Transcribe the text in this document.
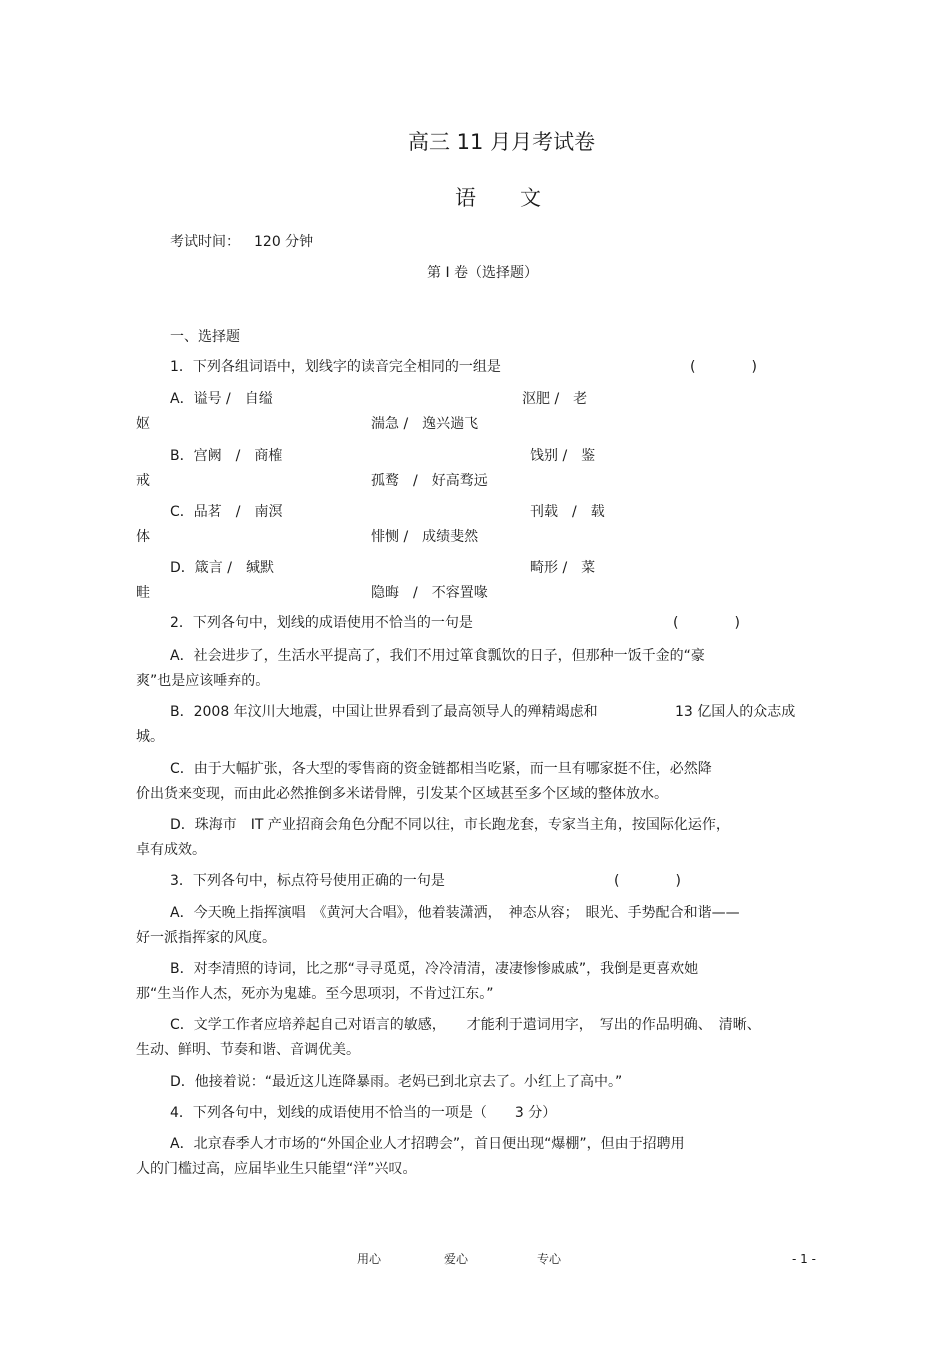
高三 11 月月考试卷
语 文
考试时间： 120 分钟
第 I 卷（选择题）
一、选择题
1．下列各组词语中，划线字的读音完全相同的一组是	(　　　　)
A．谥号 /　自缢	沤肥 /　老
妪	湍急 /　逸兴遄飞
B．宫阙　/　商榷	饯别 /　鉴
戒	孤鹜　/　好高骛远
C．品茗　/　南溟	刊载　/　载
体	悱恻 /　成绩斐然
D．箴言 /　缄默	畸形 /　菜
畦	隐晦　/　不容置喙
2．下列各句中，划线的成语使用不恰当的一句是	(　　　　)
A．社会进步了，生活水平提高了，我们不用过箪食瓢饮的日子，但那种一饭千金的“豪
爽”也是应该唾弃的。
B．2008 年汶川大地震，中国让世界看到了最高领导人的殚精竭虑和	13 亿国人的众志成
城。
C．由于大幅扩张，各大型的零售商的资金链都相当吃紧，而一旦有哪家挺不住，必然降
价出货来变现，而由此必然推倒多米诺骨牌，引发某个区域甚至多个区域的整体放水。
D．珠海市　IT 产业招商会角色分配不同以往，市长跑龙套，专家当主角，按国际化运作，
卓有成效。
3．下列各句中，标点符号使用正确的一句是	(　　　　)
A．今天晚上指挥演唱　《黄河大合唱》，他着装潇洒，　神态从容；　眼光、手势配合和谐——
好一派指挥家的风度。
B．对李清照的诗词，比之那“寻寻觅觅，冷冷清清，凄凄惨惨戚戚”，我倒是更喜欢她
那“生当作人杰，死亦为鬼雄。至今思项羽，不肯过江东。”
C．文学工作者应培养起自己对语言的敏感，　　才能利于遣词用字，　写出的作品明确、　清晰、
生动、鲜明、节奏和谐、音调优美。
D．他接着说：“最近这儿连降暴雨。老妈已到北京去了。小红上了高中。”
4．下列各句中，划线的成语使用不恰当的一项是（　　3 分）
A．北京春季人才市场的“外国企业人才招聘会”，首日便出现“爆棚”，但由于招聘用
人的门槛过高，应届毕业生只能望“洋”兴叹。
用心	爱心	专心	- 1 -
